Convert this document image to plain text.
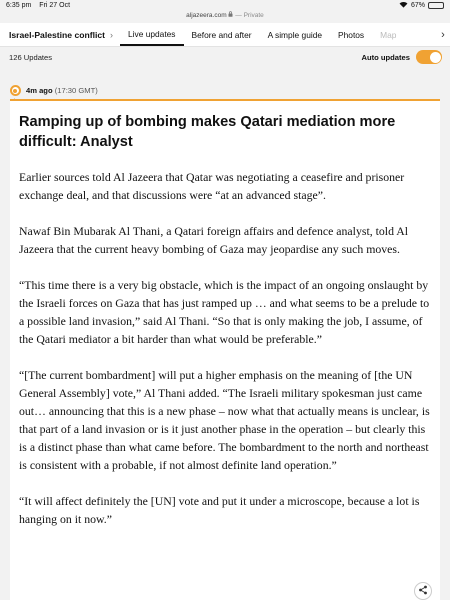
6:35 pm Fri 27 Oct	67%
aljazeera.com — Private
Israel-Palestine conflict ›	Live updates	Before and after	A simple guide	Photos	Map	›
126 Updates	Auto updates
4m ago (17:30 GMT)
Ramping up of bombing makes Qatari mediation more difficult: Analyst

Earlier sources told Al Jazeera that Qatar was negotiating a ceasefire and prisoner exchange deal, and that discussions were “at an advanced stage”.

Nawaf Bin Mubarak Al Thani, a Qatari foreign affairs and defence analyst, told Al Jazeera that the current heavy bombing of Gaza may jeopardise any such moves.

“This time there is a very big obstacle, which is the impact of an ongoing onslaught by the Israeli forces on Gaza that has just ramped up … and what seems to be a prelude to a possible land invasion,” said Al Thani. “So that is only making the job, I assume, of the Qatari mediator a bit harder than what would be preferable.”

“[The current bombardment] will put a higher emphasis on the meaning of [the UN General Assembly] vote,” Al Thani added. “The Israeli military spokesman just came out… announcing that this is a new phase – now what that actually means is unclear, is that part of a land invasion or is it just another phase in the operation – but clearly this is a distinct phase than what came before. The bombardment to the north and northeast is consistent with a probable, if not almost definite land operation.”

“It will affect definitely the [UN] vote and put it under a microscope, because a lot is hanging on it now.”
